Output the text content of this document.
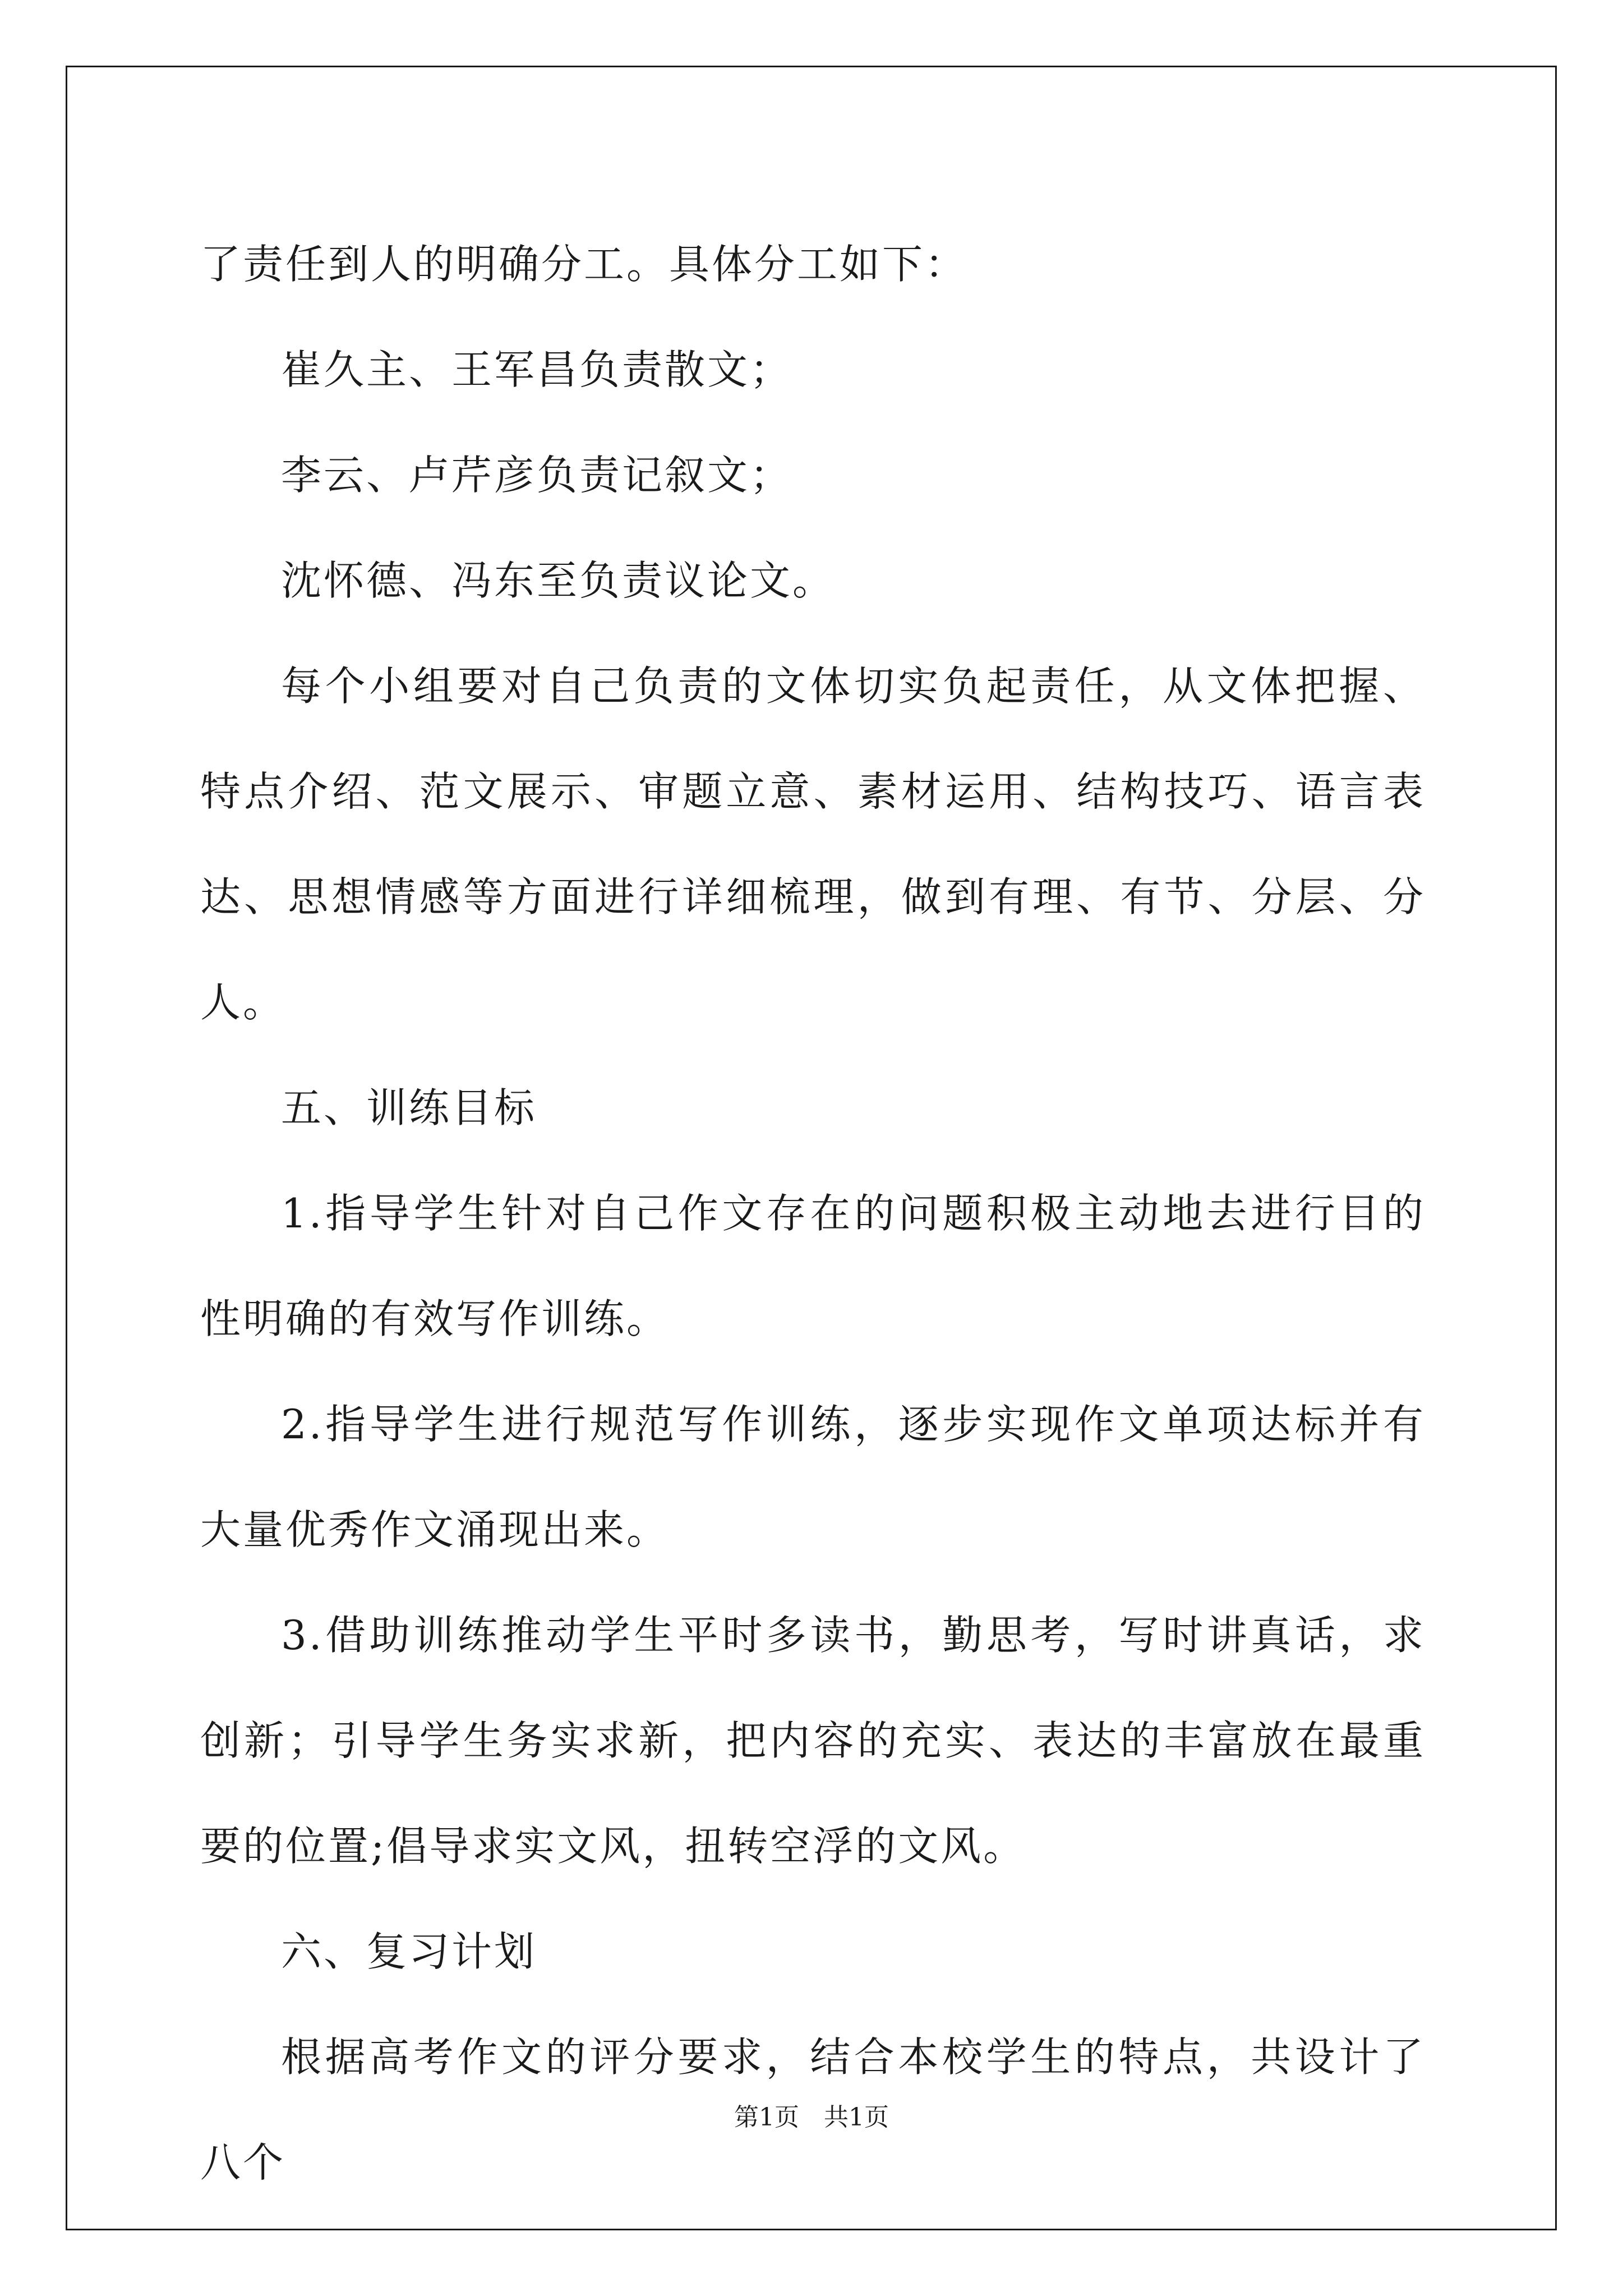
了责任到人的明确分工。具体分工如下：

崔久主、王军昌负责散文；

李云、卢芹彦负责记叙文；

沈怀德、冯东至负责议论文。

每个小组要对自己负责的文体切实负起责任，从文体把握、特点介绍、范文展示、审题立意、素材运用、结构技巧、语言表达、思想情感等方面进行详细梳理，做到有理、有节、分层、分人。

五、训练目标

1.指导学生针对自己作文存在的问题积极主动地去进行目的性明确的有效写作训练。

2.指导学生进行规范写作训练，逐步实现作文单项达标并有大量优秀作文涌现出来。

3.借助训练推动学生平时多读书，勤思考，写时讲真话，求创新；引导学生务实求新，把内容的充实、表达的丰富放在最重要的位置;倡导求实文风，扭转空浮的文风。

六、复习计划

根据高考作文的评分要求，结合本校学生的特点，共设计了八个

第1页 共1页
